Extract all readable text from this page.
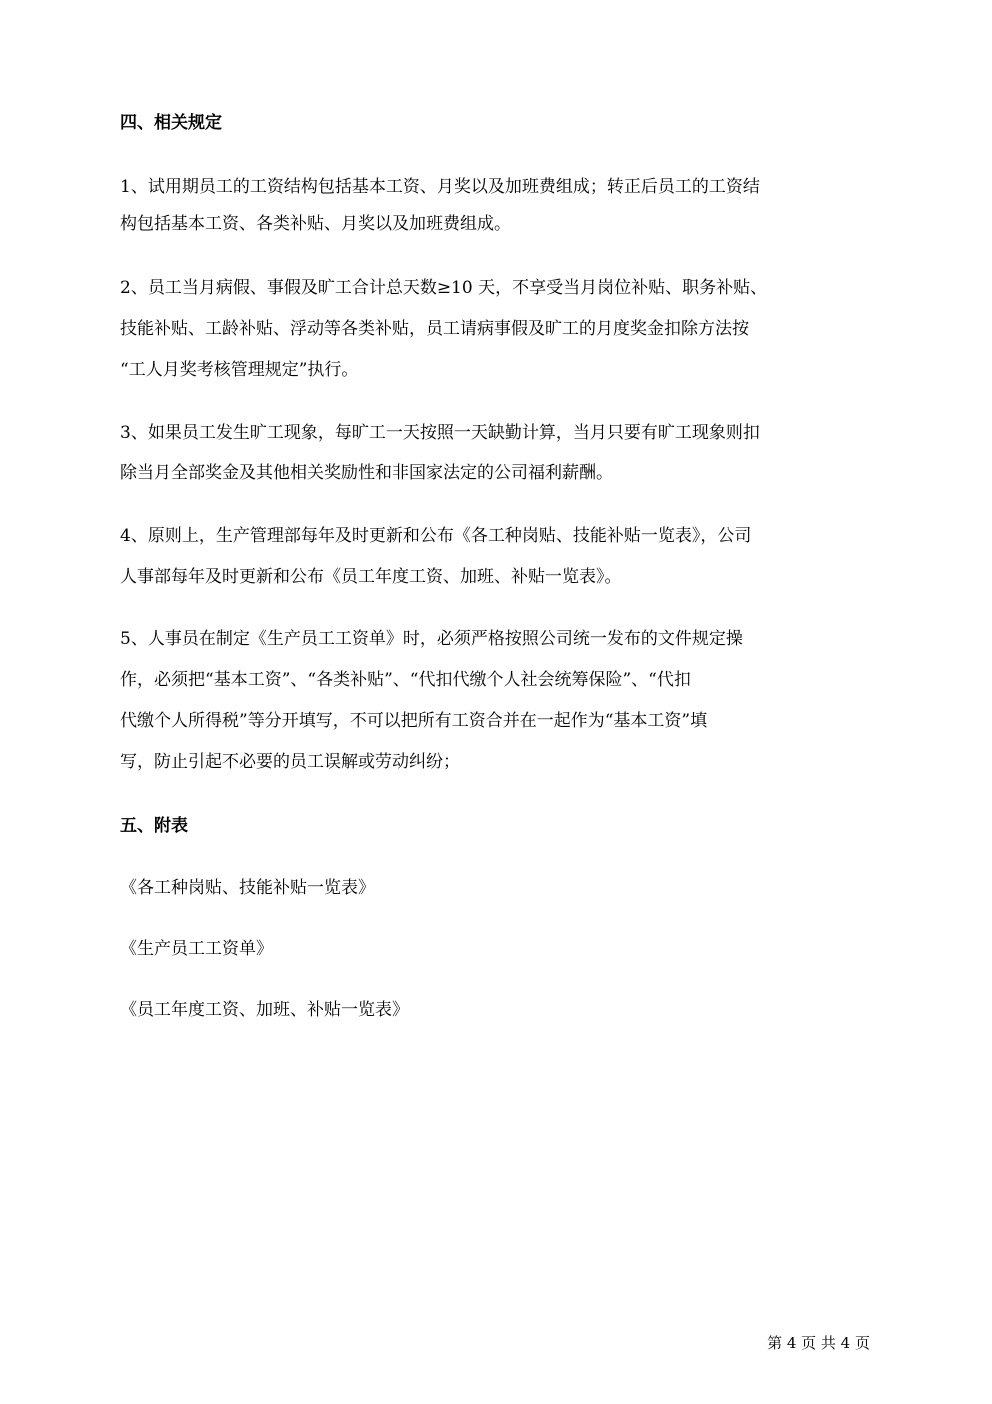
四、相关规定
1、试用期员工的工资结构包括基本工资、月奖以及加班费组成；转正后员工的工资结
构包括基本工资、各类补贴、月奖以及加班费组成。
2、员工当月病假、事假及旷工合计总天数≥10 天，不享受当月岗位补贴、职务补贴、
技能补贴、工龄补贴、浮动等各类补贴，员工请病事假及旷工的月度奖金扣除方法按
“工人月奖考核管理规定”执行。
3、如果员工发生旷工现象，每旷工一天按照一天缺勤计算，当月只要有旷工现象则扣
除当月全部奖金及其他相关奖励性和非国家法定的公司福利薪酬。
4、原则上，生产管理部每年及时更新和公布《各工种岗贴、技能补贴一览表》，公司
人事部每年及时更新和公布《员工年度工资、加班、补贴一览表》。
5、人事员在制定《生产员工工资单》时，必须严格按照公司统一发布的文件规定操
作，必须把“基本工资”、“各类补贴”、“代扣代缴个人社会统筹保险”、“代扣
代缴个人所得税”等分开填写，不可以把所有工资合并在一起作为“基本工资”填
写，防止引起不必要的员工误解或劳动纠纷；
五、附表
《各工种岗贴、技能补贴一览表》
《生产员工工资单》
《员工年度工资、加班、补贴一览表》
第 4 页 共 4 页
